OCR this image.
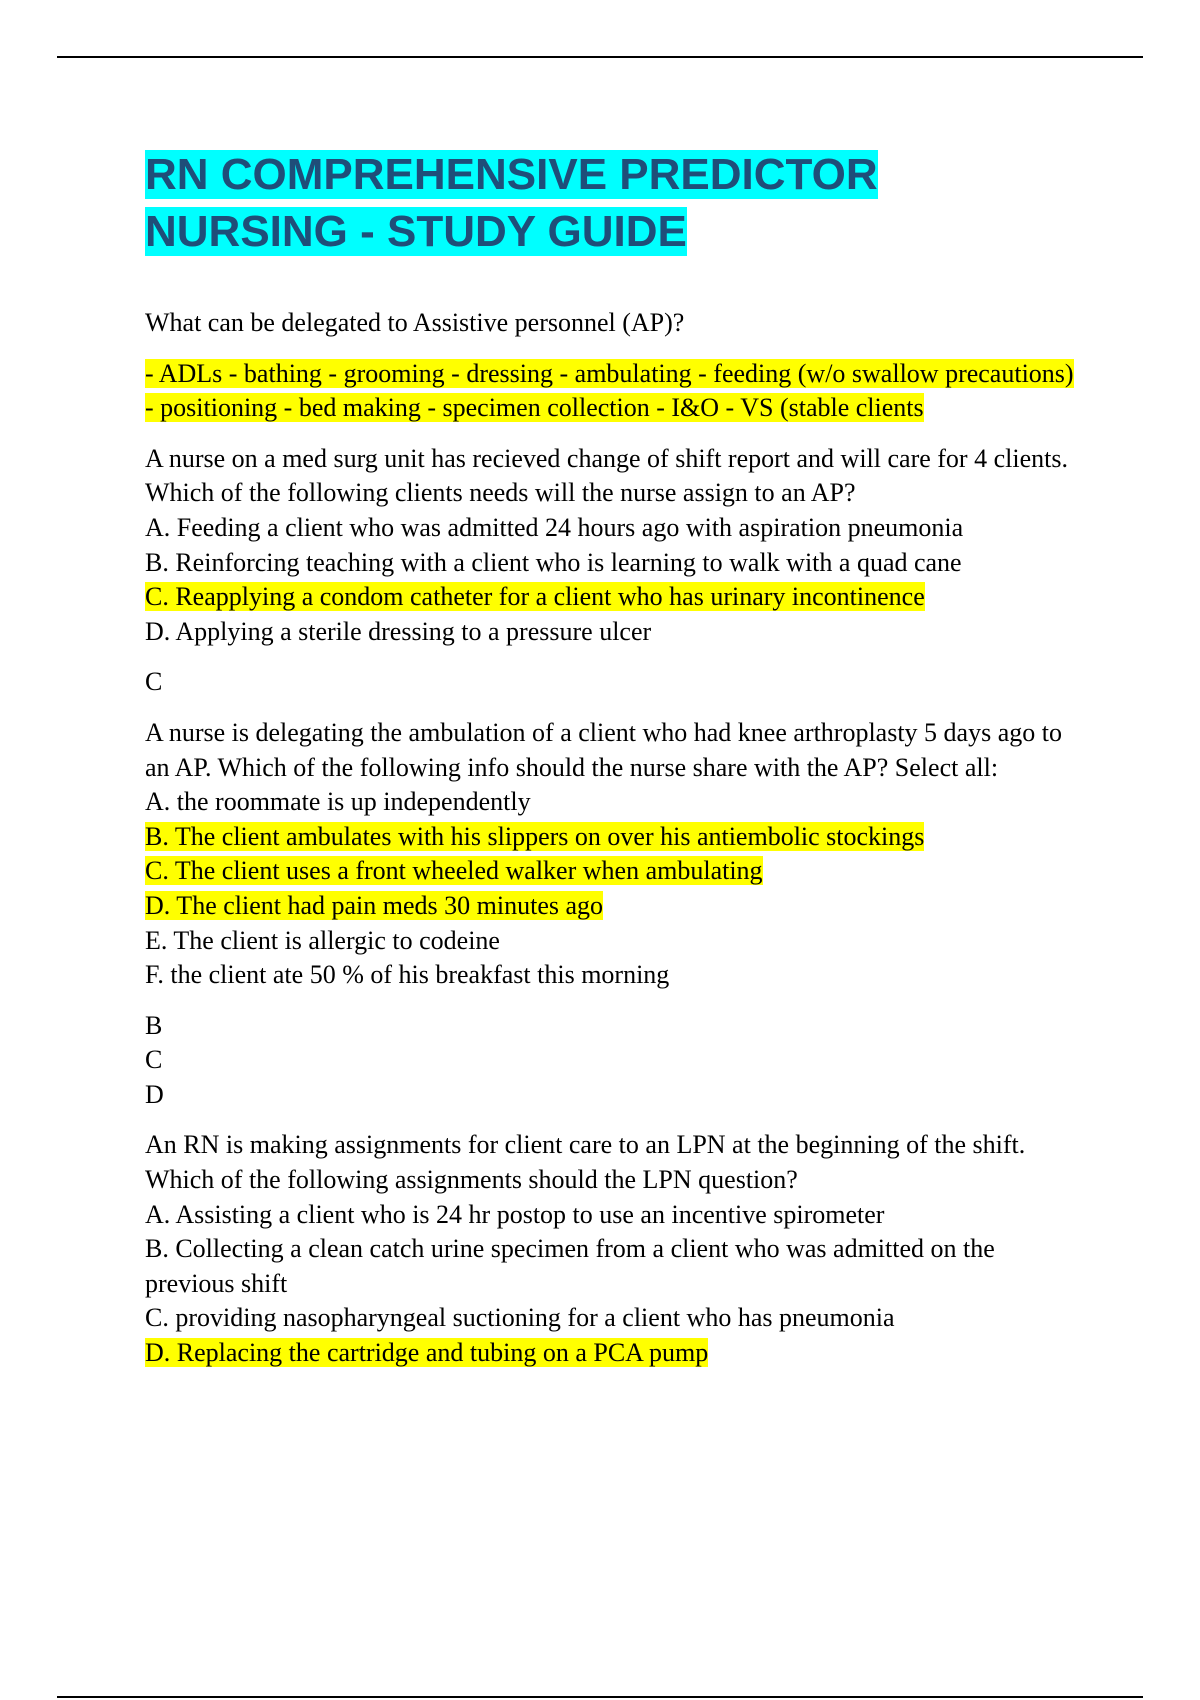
RN COMPREHENSIVE PREDICTOR
NURSING - STUDY GUIDE

What can be delegated to Assistive personnel (AP)?

- ADLs - bathing - grooming - dressing - ambulating - feeding (w/o swallow precautions) - positioning - bed making - specimen collection - I&O - VS (stable clients

A nurse on a med surg unit has recieved change of shift report and will care for 4 clients. Which of the following clients needs will the nurse assign to an AP?
A. Feeding a client who was admitted 24 hours ago with aspiration pneumonia
B. Reinforcing teaching with a client who is learning to walk with a quad cane
C. Reapplying a condom catheter for a client who has urinary incontinence
D. Applying a sterile dressing to a pressure ulcer

C

A nurse is delegating the ambulation of a client who had knee arthroplasty 5 days ago to an AP. Which of the following info should the nurse share with the AP? Select all:
A. the roommate is up independently
B. The client ambulates with his slippers on over his antiembolic stockings
C. The client uses a front wheeled walker when ambulating
D. The client had pain meds 30 minutes ago
E. The client is allergic to codeine
F. the client ate 50 % of his breakfast this morning
B
C
D
An RN is making assignments for client care to an LPN at the beginning of the shift. Which of the following assignments should the LPN question?
A. Assisting a client who is 24 hr postop to use an incentive spirometer
B. Collecting a clean catch urine specimen from a client who was admitted on the previous shift
C. providing nasopharyngeal suctioning for a client who has pneumonia
D. Replacing the cartridge and tubing on a PCA pump
